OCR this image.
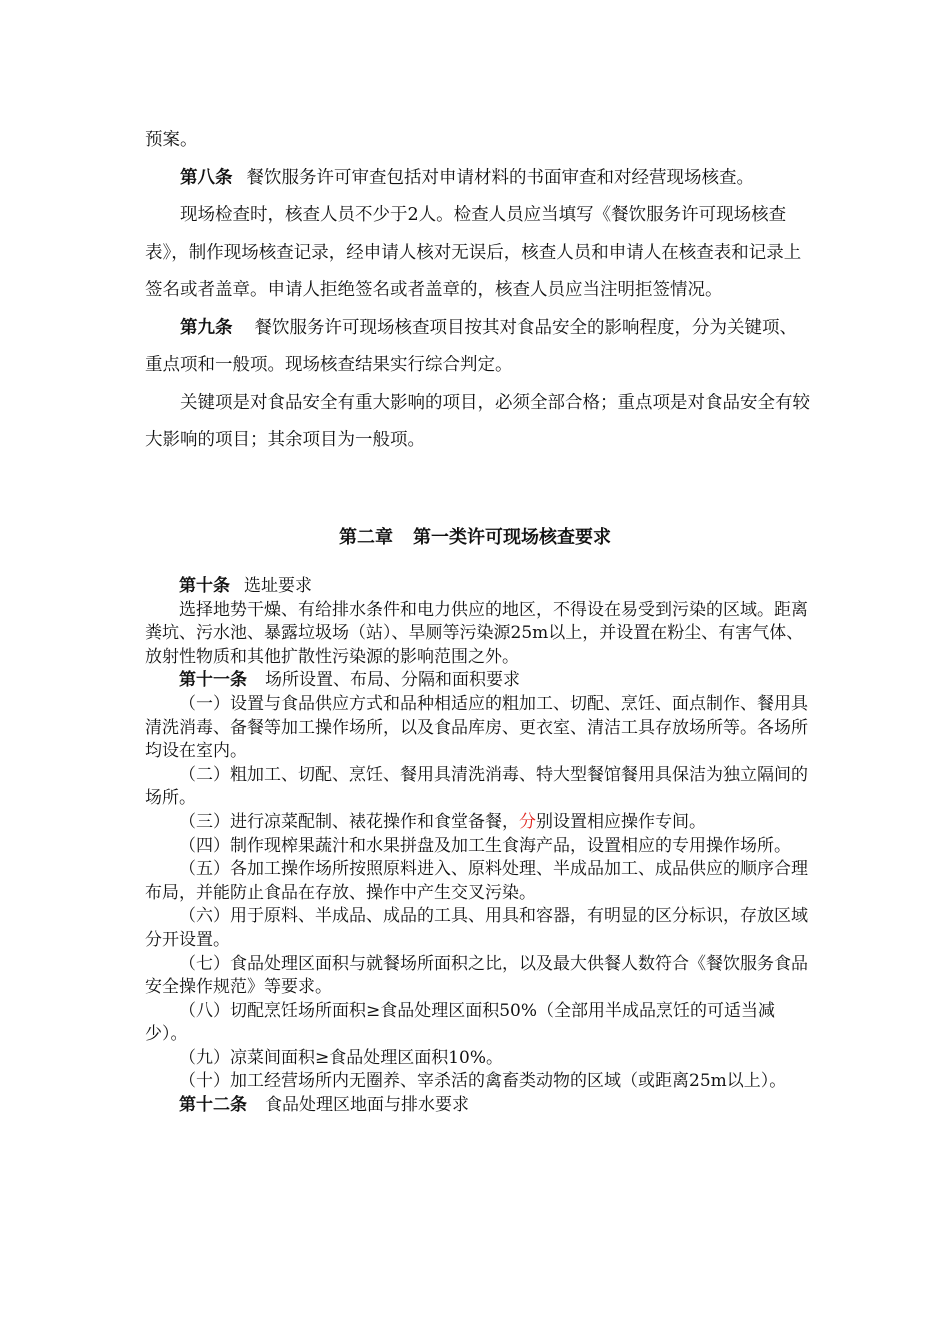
预案。

第八条 餐饮服务许可审查包括对申请材料的书面审查和对经营现场核查。

现场检查时，核查人员不少于2人。检查人员应当填写《餐饮服务许可现场核查表》，制作现场核查记录，经申请人核对无误后，核查人员和申请人在核查表和记录上签名或者盖章。申请人拒绝签名或者盖章的，核查人员应当注明拒签情况。

第九条 餐饮服务许可现场核查项目按其对食品安全的影响程度，分为关键项、重点项和一般项。现场核查结果实行综合判定。

关键项是对食品安全有重大影响的项目，必须全部合格；重点项是对食品安全有较大影响的项目；其余项目为一般项。

第二章 第一类许可现场核查要求

第十条 选址要求

选择地势干燥、有给排水条件和电力供应的地区，不得设在易受到污染的区域。距离粪坑、污水池、暴露垃圾场（站）、旱厕等污染源25m以上，并设置在粉尘、有害气体、放射性物质和其他扩散性污染源的影响范围之外。

第十一条 场所设置、布局、分隔和面积要求

（一）设置与食品供应方式和品种相适应的粗加工、切配、烹饪、面点制作、餐用具清洗消毒、备餐等加工操作场所，以及食品库房、更衣室、清洁工具存放场所等。各场所均设在室内。

（二）粗加工、切配、烹饪、餐用具清洗消毒、特大型餐馆餐用具保洁为独立隔间的场所。

（三）进行凉菜配制、裱花操作和食堂备餐，分别设置相应操作专间。

（四）制作现榨果蔬汁和水果拼盘及加工生食海产品，设置相应的专用操作场所。

（五）各加工操作场所按照原料进入、原料处理、半成品加工、成品供应的顺序合理布局，并能防止食品在存放、操作中产生交叉污染。

（六）用于原料、半成品、成品的工具、用具和容器，有明显的区分标识，存放区域分开设置。

（七）食品处理区面积与就餐场所面积之比，以及最大供餐人数符合《餐饮服务食品安全操作规范》等要求。

（八）切配烹饪场所面积≥食品处理区面积50%（全部用半成品烹饪的可适当减少）。

（九）凉菜间面积≥食品处理区面积10%。

（十）加工经营场所内无圈养、宰杀活的禽畜类动物的区域（或距离25m以上）。

第十二条 食品处理区地面与排水要求
